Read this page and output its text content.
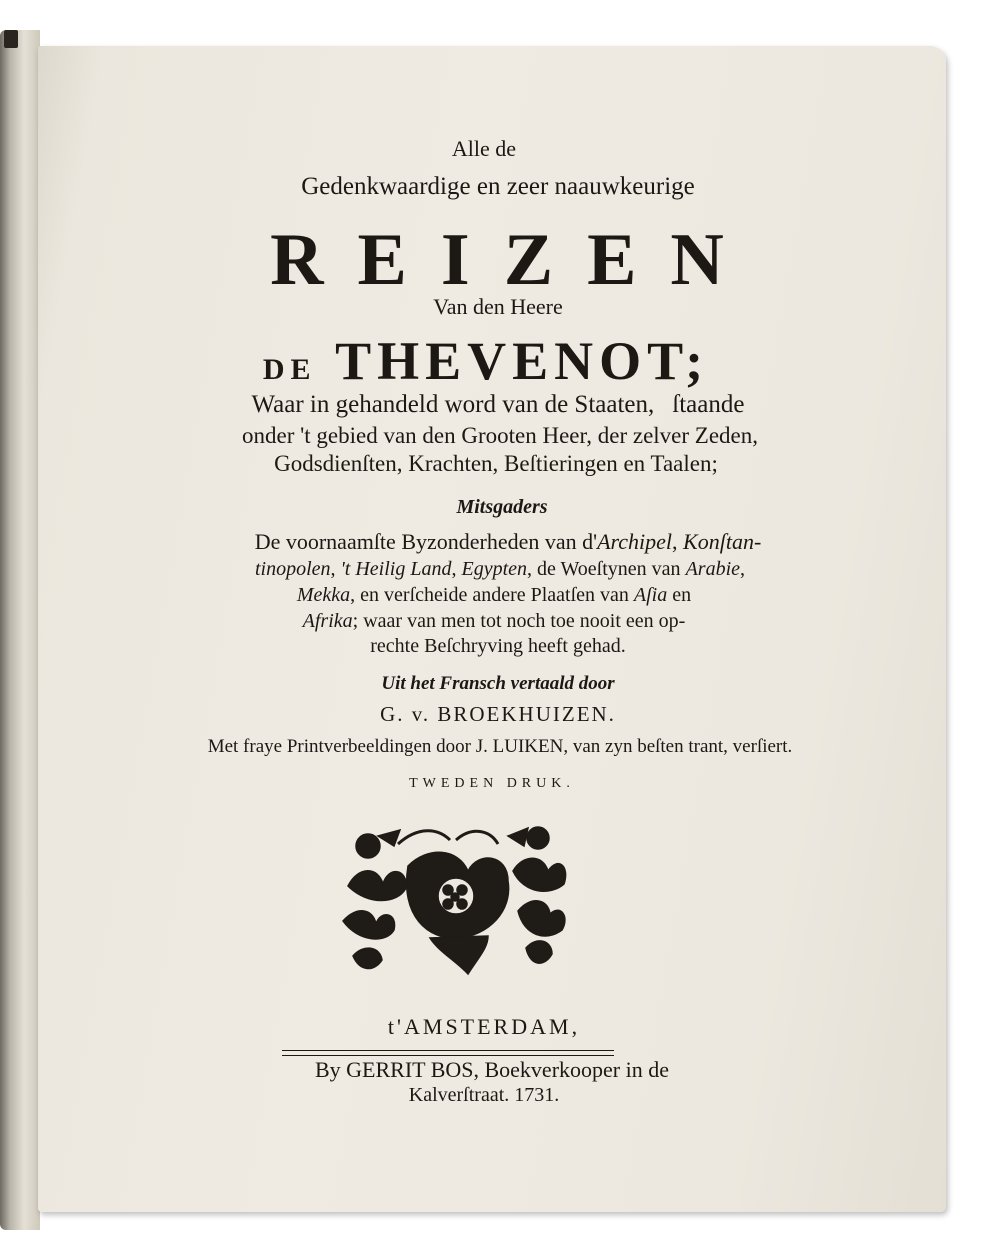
Alle de
Gedenkwaardige en zeer naauwkeurige
REIZEN
Van den Heere
DE THEVENOT;
Waar in gehandeld word van de Staaten, ſtaande
onder 't gebied van den Grooten Heer, der zelver Zeden,
Godsdienſten, Krachten, Beſtieringen en Taalen;
Mitsgaders
De voornaamſte Byzonderheden van d'Archipel, Konſtan-
tinopolen, 't Heilig Land, Egypten, de Woeſtynen van Arabie,
Mekka, en verſcheide andere Plaatſen van Aſia en
Afrika; waar van men tot noch toe nooit een op-
rechte Beſchryving heeft gehad.
Uit het Fransch vertaald door
G. v. BROEKHUIZEN.
Met fraye Printverbeeldingen door J. LUIKEN, van zyn beſten trant, verſiert.
TWEDEN DRUK.
t'AMSTERDAM,
By GERRIT BOS, Boekverkooper in de
Kalverſtraat. 1731.
